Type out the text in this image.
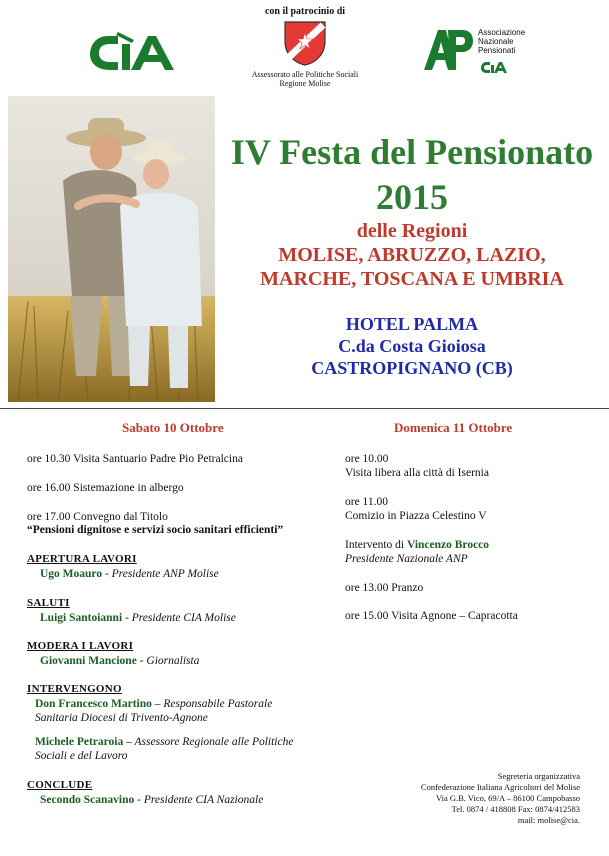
con il patrocinio di
Assessorato alle Politiche Sociali
Regione Molise
Associazione
Nazionale
Pensionati
IV Festa del Pensionato
2015
delle Regioni
MOLISE, ABRUZZO, LAZIO,
MARCHE, TOSCANA E UMBRIA
HOTEL PALMA
C.da Costa Gioiosa
CASTROPIGNANO (CB)
Sabato 10 Ottobre
ore 10.30 Visita Santuario Padre Pio Petralcina
ore 16.00 Sistemazione in albergo
ore 17.00 Convegno dal Titolo
“Pensioni dignitose e servizi socio sanitari efficienti”
APERTURA LAVORI
Ugo Moauro - Presidente ANP Molise
SALUTI
Luigi Santoianni - Presidente CIA Molise
MODERA I LAVORI
Giovanni Mancione - Giornalista
INTERVENGONO
Don Francesco Martino – Responsabile Pastorale
Sanitaria Diocesi di Trivento-Agnone
Michele Petraroia – Assessore Regionale alle Politiche
Sociali e del Lavoro
CONCLUDE
Secondo Scanavino - Presidente CIA Nazionale
Domenica 11 Ottobre
ore 10.00
Visita libera alla città di Isernia
ore 11.00
Comizio in Piazza Celestino V
Intervento di Vincenzo Brocco
Presidente Nazionale ANP
ore 13.00 Pranzo
ore 15.00 Visita Agnone – Capracotta
Segreteria organizzativa
Confederazione Italiana Agricoltori del Molise
Via G.B. Vico, 69/A – 86100 Campobasso
Tel. 0874 / 418808 Fax: 0874/412583
mail: molise@cia.
